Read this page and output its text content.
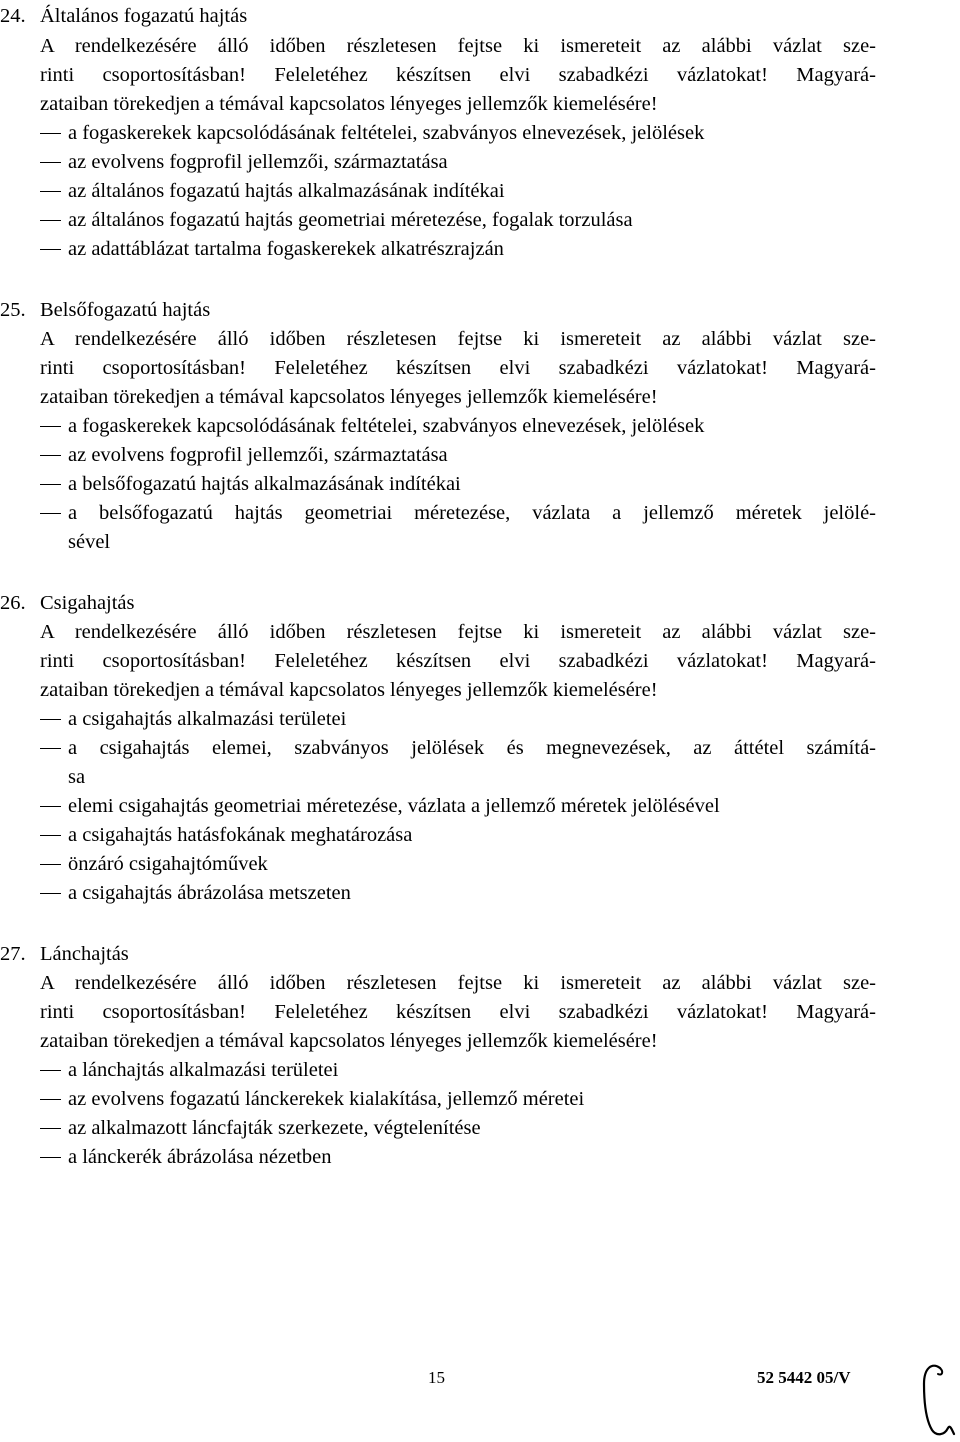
24. Általános fogazatú hajtás
A rendelkezésére álló időben részletesen fejtse ki ismereteit az alábbi vázlat sze-
rinti csoportosításban! Feleletéhez készítsen elvi szabadkézi vázlatokat! Magyará-
zataiban törekedjen a témával kapcsolatos lényeges jellemzők kiemelésére!
a fogaskerekek kapcsolódásának feltételei, szabványos elnevezések, jelölések
az evolvens fogprofil jellemzői, származtatása
az általános fogazatú hajtás alkalmazásának indítékai
az általános fogazatú hajtás geometriai méretezése, fogalak torzulása
az adattáblázat tartalma fogaskerekek alkatrészrajzán
25. Belsőfogazatú hajtás
A rendelkezésére álló időben részletesen fejtse ki ismereteit az alábbi vázlat sze-
rinti csoportosításban! Feleletéhez készítsen elvi szabadkézi vázlatokat! Magyará-
zataiban törekedjen a témával kapcsolatos lényeges jellemzők kiemelésére!
a fogaskerekek kapcsolódásának feltételei, szabványos elnevezések, jelölések
az evolvens fogprofil jellemzői, származtatása
a belsőfogazatú hajtás alkalmazásának indítékai
a belsőfogazatú hajtás geometriai méretezése, vázlata a jellemző méretek jelölé-
sével
26. Csigahajtás
A rendelkezésére álló időben részletesen fejtse ki ismereteit az alábbi vázlat sze-
rinti csoportosításban! Feleletéhez készítsen elvi szabadkézi vázlatokat! Magyará-
zataiban törekedjen a témával kapcsolatos lényeges jellemzők kiemelésére!
a csigahajtás alkalmazási területei
a csigahajtás elemei, szabványos jelölések és megnevezések, az áttétel számítá-
sa
elemi csigahajtás geometriai méretezése, vázlata a jellemző méretek jelölésével
a csigahajtás hatásfokának meghatározása
önzáró csigahajtóművek
a csigahajtás ábrázolása metszeten
27. Lánchajtás
A rendelkezésére álló időben részletesen fejtse ki ismereteit az alábbi vázlat sze-
rinti csoportosításban! Feleletéhez készítsen elvi szabadkézi vázlatokat! Magyará-
zataiban törekedjen a témával kapcsolatos lényeges jellemzők kiemelésére!
a lánchajtás alkalmazási területei
az evolvens fogazatú lánckerekek kialakítása, jellemző méretei
az alkalmazott láncfajták szerkezete, végtelenítése
a lánckerék ábrázolása nézetben
15	52 5442 05/V
